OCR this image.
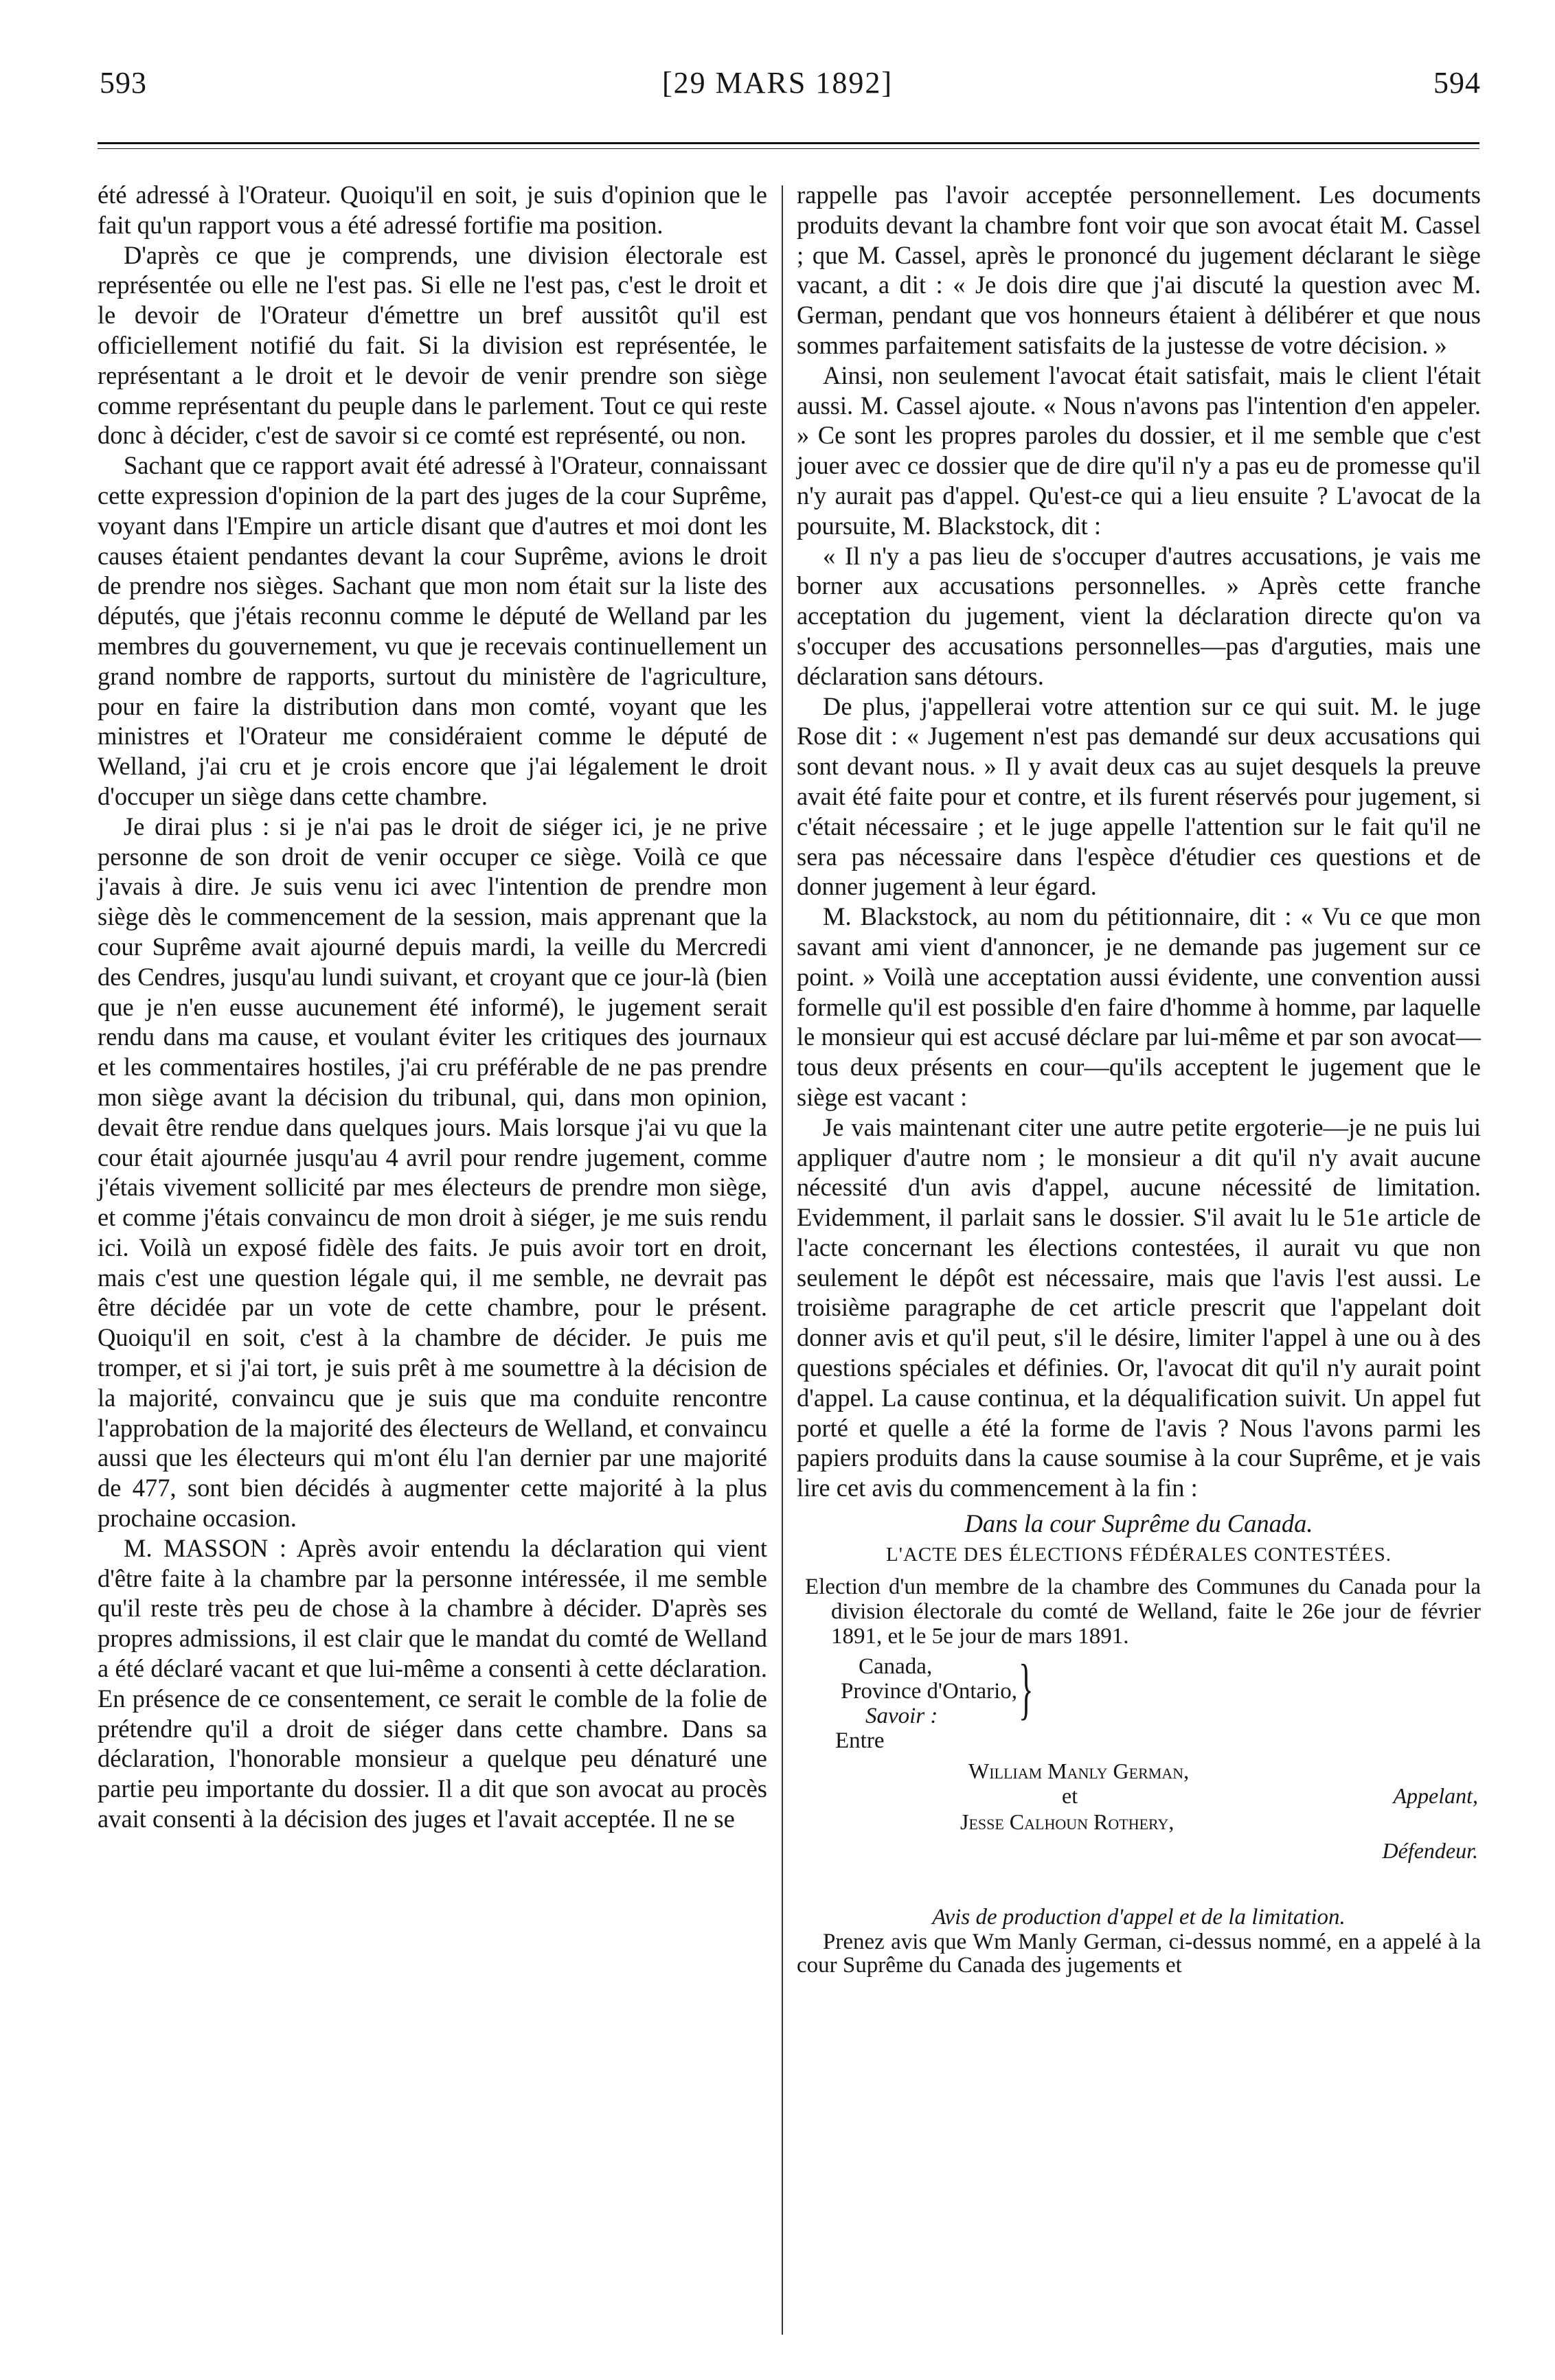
593	[29 MARS 1892]	594

été adressé à l'Orateur. Quoiqu'il en soit, je suis d'opinion que le fait qu'un rapport vous a été adressé fortifie ma position.

D'après ce que je comprends, une division électorale est représentée ou elle ne l'est pas. Si elle ne l'est pas, c'est le droit et le devoir de l'Orateur d'émettre un bref aussitôt qu'il est officiellement notifié du fait. Si la division est représentée, le représentant a le droit et le devoir de venir prendre son siège comme représentant du peuple dans le parlement. Tout ce qui reste donc à décider, c'est de savoir si ce comté est représenté, ou non.

Sachant que ce rapport avait été adressé à l'Orateur, connaissant cette expression d'opinion de la part des juges de la cour Suprême, voyant dans l'Empire un article disant que d'autres et moi dont les causes étaient pendantes devant la cour Suprême, avions le droit de prendre nos sièges. Sachant que mon nom était sur la liste des députés, que j'étais reconnu comme le député de Welland par les membres du gouvernement, vu que je recevais continuellement un grand nombre de rapports, surtout du ministère de l'agriculture, pour en faire la distribution dans mon comté, voyant que les ministres et l'Orateur me considéraient comme le député de Welland, j'ai cru et je crois encore que j'ai légalement le droit d'occuper un siège dans cette chambre.

Je dirai plus : si je n'ai pas le droit de siéger ici, je ne prive personne de son droit de venir occuper ce siège. Voilà ce que j'avais à dire. Je suis venu ici avec l'intention de prendre mon siège dès le commencement de la session, mais apprenant que la cour Suprême avait ajourné depuis mardi, la veille du Mercredi des Cendres, jusqu'au lundi suivant, et croyant que ce jour-là (bien que je n'en eusse aucunement été informé), le jugement serait rendu dans ma cause, et voulant éviter les critiques des journaux et les commentaires hostiles, j'ai cru préférable de ne pas prendre mon siège avant la décision du tribunal, qui, dans mon opinion, devait être rendue dans quelques jours. Mais lorsque j'ai vu que la cour était ajournée jusqu'au 4 avril pour rendre jugement, comme j'étais vivement sollicité par mes électeurs de prendre mon siège, et comme j'étais convaincu de mon droit à siéger, je me suis rendu ici. Voilà un exposé fidèle des faits. Je puis avoir tort en droit, mais c'est une question légale qui, il me semble, ne devrait pas être décidée par un vote de cette chambre, pour le présent. Quoiqu'il en soit, c'est à la chambre de décider. Je puis me tromper, et si j'ai tort, je suis prêt à me soumettre à la décision de la majorité, convaincu que je suis que ma conduite rencontre l'approbation de la majorité des électeurs de Welland, et convaincu aussi que les électeurs qui m'ont élu l'an dernier par une majorité de 477, sont bien décidés à augmenter cette majorité à la plus prochaine occasion.

M. MASSON : Après avoir entendu la déclaration qui vient d'être faite à la chambre par la personne intéressée, il me semble qu'il reste très peu de chose à la chambre à décider. D'après ses propres admissions, il est clair que le mandat du comté de Welland a été déclaré vacant et que lui-même a consenti à cette déclaration. En présence de ce consentement, ce serait le comble de la folie de prétendre qu'il a droit de siéger dans cette chambre. Dans sa déclaration, l'honorable monsieur a quelque peu dénaturé une partie peu importante du dossier. Il a dit que son avocat au procès avait consenti à la décision des juges et l'avait acceptée. Il ne se

rappelle pas l'avoir acceptée personnellement. Les documents produits devant la chambre font voir que son avocat était M. Cassel ; que M. Cassel, après le prononcé du jugement déclarant le siège vacant, a dit : « Je dois dire que j'ai discuté la question avec M. German, pendant que vos honneurs étaient à délibérer et que nous sommes parfaitement satisfaits de la justesse de votre décision. »

Ainsi, non seulement l'avocat était satisfait, mais le client l'était aussi. M. Cassel ajoute. « Nous n'avons pas l'intention d'en appeler. » Ce sont les propres paroles du dossier, et il me semble que c'est jouer avec ce dossier que de dire qu'il n'y a pas eu de promesse qu'il n'y aurait pas d'appel. Qu'est-ce qui a lieu ensuite ? L'avocat de la poursuite, M. Blackstock, dit :

« Il n'y a pas lieu de s'occuper d'autres accusations, je vais me borner aux accusations personnelles. » Après cette franche acceptation du jugement, vient la déclaration directe qu'on va s'occuper des accusations personnelles—pas d'arguties, mais une déclaration sans détours.

De plus, j'appellerai votre attention sur ce qui suit. M. le juge Rose dit : « Jugement n'est pas demandé sur deux accusations qui sont devant nous. » Il y avait deux cas au sujet desquels la preuve avait été faite pour et contre, et ils furent réservés pour jugement, si c'était nécessaire ; et le juge appelle l'attention sur le fait qu'il ne sera pas nécessaire dans l'espèce d'étudier ces questions et de donner jugement à leur égard.

M. Blackstock, au nom du pétitionnaire, dit : « Vu ce que mon savant ami vient d'annoncer, je ne demande pas jugement sur ce point. » Voilà une acceptation aussi évidente, une convention aussi formelle qu'il est possible d'en faire d'homme à homme, par laquelle le monsieur qui est accusé déclare par lui-même et par son avocat—tous deux présents en cour—qu'ils acceptent le jugement que le siège est vacant :

Je vais maintenant citer une autre petite ergoterie—je ne puis lui appliquer d'autre nom ; le monsieur a dit qu'il n'y avait aucune nécessité d'un avis d'appel, aucune nécessité de limitation. Evidemment, il parlait sans le dossier. S'il avait lu le 51e article de l'acte concernant les élections contestées, il aurait vu que non seulement le dépôt est nécessaire, mais que l'avis l'est aussi. Le troisième paragraphe de cet article prescrit que l'appelant doit donner avis et qu'il peut, s'il le désire, limiter l'appel à une ou à des questions spéciales et définies. Or, l'avocat dit qu'il n'y aurait point d'appel. La cause continua, et la déqualification suivit. Un appel fut porté et quelle a été la forme de l'avis ? Nous l'avons parmi les papiers produits dans la cause soumise à la cour Suprême, et je vais lire cet avis du commencement à la fin :

Dans la cour Suprême du Canada.
L'ACTE DES ÉLECTIONS FÉDÉRALES CONTESTÉES.
Election d'un membre de la chambre des Communes du Canada pour la division électorale du comté de Welland, faite le 26e jour de février 1891, et le 5e jour de mars 1891.
Canada,
Province d'Ontario,
Savoir :	}
Entre
William Manly German,
et	Appelant,
Jesse Calhoun Rothery,
Défendeur.
Avis de production d'appel et de la limitation.

Prenez avis que Wm Manly German, ci-dessus nommé, en a appelé à la cour Suprême du Canada des jugements et
